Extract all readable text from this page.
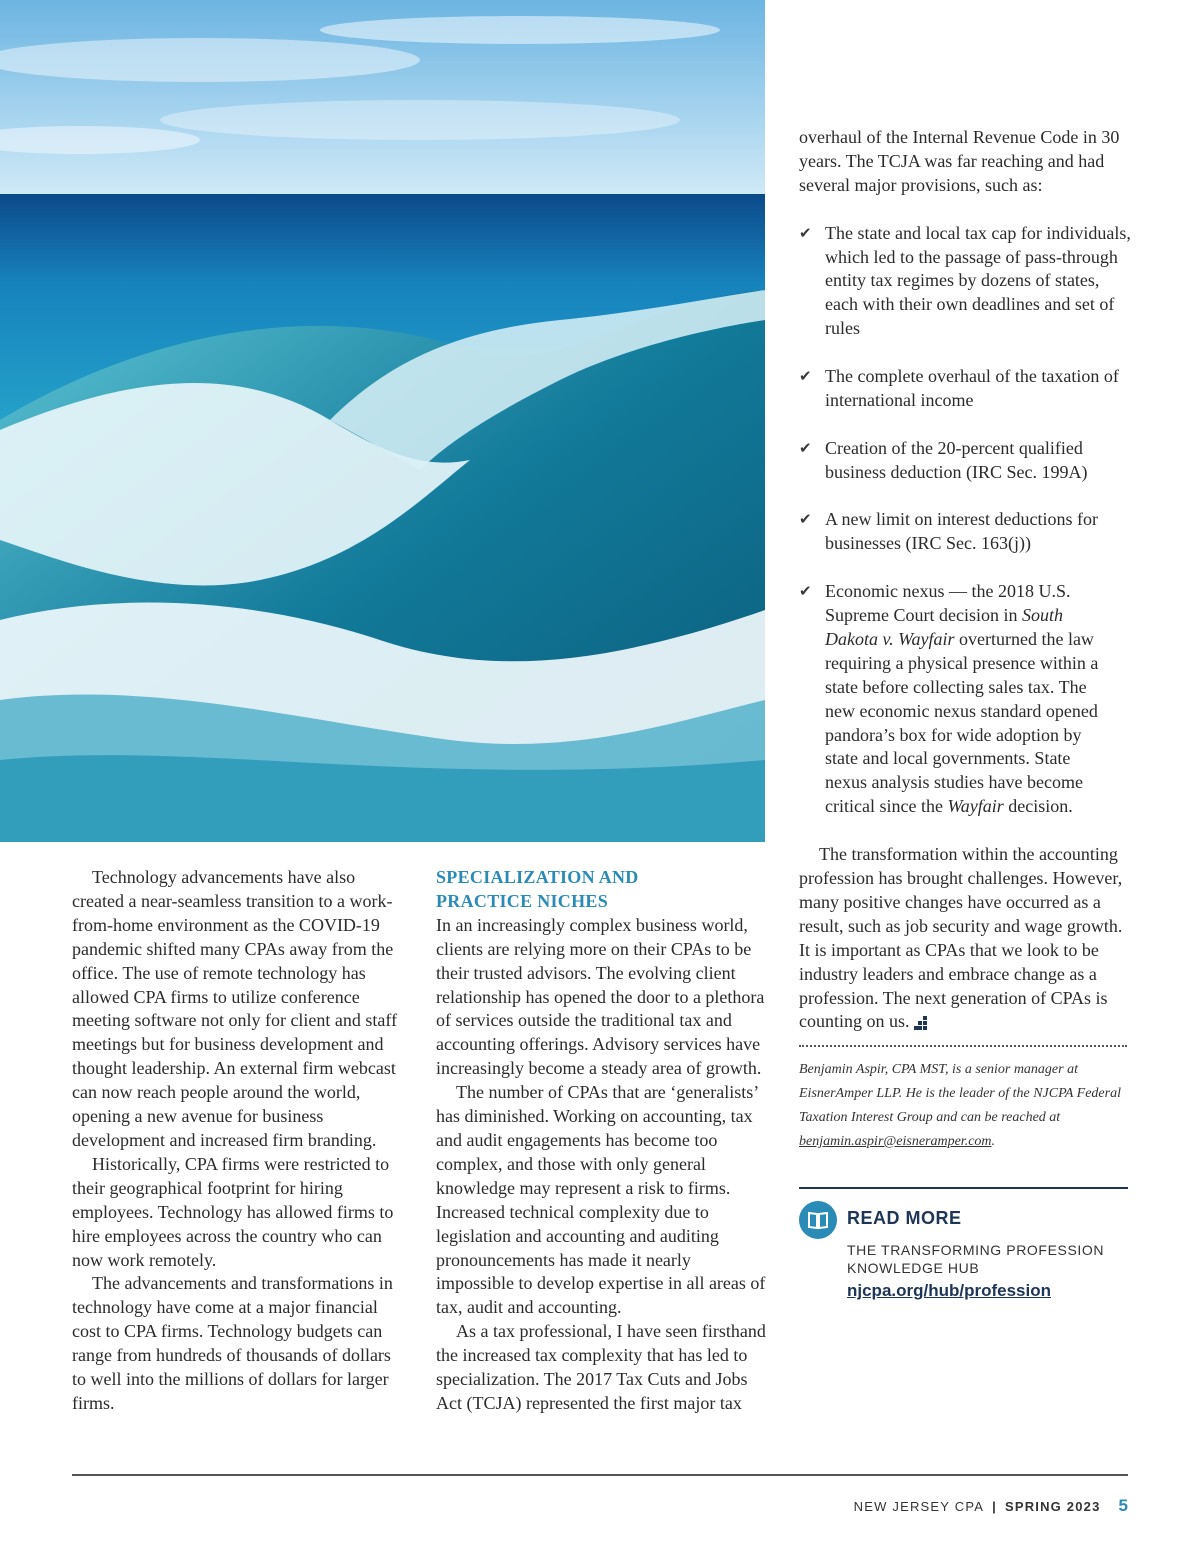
Technology advancements have also created a near-seamless transition to a work-from-home environment as the COVID-19 pandemic shifted many CPAs away from the office. The use of remote technology has allowed CPA firms to utilize conference meeting software not only for client and staff meetings but for business development and thought leadership. An external firm webcast can now reach people around the world, opening a new avenue for business development and increased firm branding.

Historically, CPA firms were restricted to their geographical footprint for hiring employees. Technology has allowed firms to hire employees across the country who can now work remotely.

The advancements and transformations in technology have come at a major financial cost to CPA firms. Technology budgets can range from hundreds of thousands of dollars to well into the millions of dollars for larger firms.

SPECIALIZATION AND PRACTICE NICHES

In an increasingly complex business world, clients are relying more on their CPAs to be their trusted advisors. The evolving client relationship has opened the door to a plethora of services outside the traditional tax and accounting offerings. Advisory services have increasingly become a steady area of growth.

The number of CPAs that are ‘generalists’ has diminished. Working on accounting, tax and audit engagements has become too complex, and those with only general knowledge may represent a risk to firms. Increased technical complexity due to legislation and accounting and auditing pronouncements has made it nearly impossible to develop expertise in all areas of tax, audit and accounting.

As a tax professional, I have seen firsthand the increased tax complexity that has led to specialization. The 2017 Tax Cuts and Jobs Act (TCJA) represented the first major tax

overhaul of the Internal Revenue Code in 30 years. The TCJA was far reaching and had several major provisions, such as:

✔ The state and local tax cap for individuals, which led to the passage of pass-through entity tax regimes by dozens of states, each with their own deadlines and set of rules
✔ The complete overhaul of the taxation of international income
✔ Creation of the 20-percent qualified business deduction (IRC Sec. 199A)
✔ A new limit on interest deductions for businesses (IRC Sec. 163(j))
✔ Economic nexus — the 2018 U.S. Supreme Court decision in South Dakota v. Wayfair overturned the law requiring a physical presence within a state before collecting sales tax. The new economic nexus standard opened pandora’s box for wide adoption by state and local governments. State nexus analysis studies have become critical since the Wayfair decision.

The transformation within the accounting profession has brought challenges. However, many positive changes have occurred as a result, such as job security and wage growth. It is important as CPAs that we look to be industry leaders and embrace change as a profession. The next generation of CPAs is counting on us.

Benjamin Aspir, CPA MST, is a senior manager at EisnerAmper LLP. He is the leader of the NJCPA Federal Taxation Interest Group and can be reached at benjamin.aspir@eisneramper.com.
READ MORE
THE TRANSFORMING PROFESSION KNOWLEDGE HUB
njcpa.org/hub/profession
NEW JERSEY CPA | SPRING 2023 5
